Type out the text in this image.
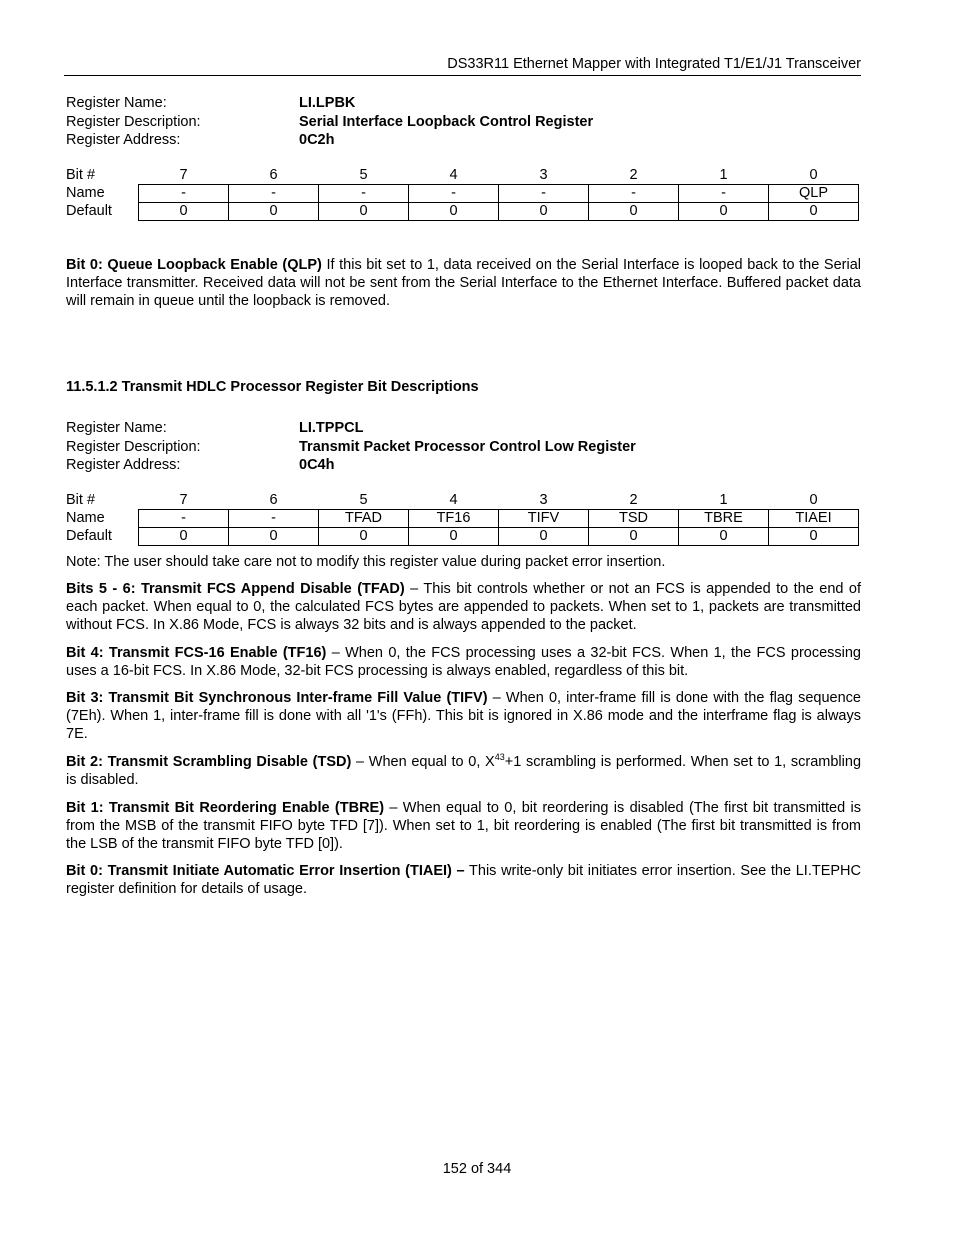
DS33R11 Ethernet Mapper with Integrated T1/E1/J1 Transceiver
Register Name:	LI.LPBK
Register Description:	Serial Interface Loopback Control Register
Register Address:	0C2h
Bit #	7	6	5	4	3	2	1	0
Name	-	-	-	-	-	-	-	QLP
Default	0	0	0	0	0	0	0	0
Bit 0: Queue Loopback Enable (QLP) If this bit set to 1, data received on the Serial Interface is looped back to the Serial Interface transmitter. Received data will not be sent from the Serial Interface to the Ethernet Interface. Buffered packet data will remain in queue until the loopback is removed.
11.5.1.2 Transmit HDLC Processor Register Bit Descriptions
Register Name:	LI.TPPCL
Register Description:	Transmit Packet Processor Control Low Register
Register Address:	0C4h
Bit #	7	6	5	4	3	2	1	0
Name	-	-	TFAD	TF16	TIFV	TSD	TBRE	TIAEI
Default	0	0	0	0	0	0	0	0
Note: The user should take care not to modify this register value during packet error insertion.
Bits 5 - 6: Transmit FCS Append Disable (TFAD) – This bit controls whether or not an FCS is appended to the end of each packet. When equal to 0, the calculated FCS bytes are appended to packets. When set to 1, packets are transmitted without FCS. In X.86 Mode, FCS is always 32 bits and is always appended to the packet.
Bit 4: Transmit FCS-16 Enable (TF16) – When 0, the FCS processing uses a 32-bit FCS. When 1, the FCS processing uses a 16-bit FCS. In X.86 Mode, 32-bit FCS processing is always enabled, regardless of this bit.
Bit 3: Transmit Bit Synchronous Inter-frame Fill Value (TIFV) – When 0, inter-frame fill is done with the flag sequence (7Eh). When 1, inter-frame fill is done with all '1's (FFh). This bit is ignored in X.86 mode and the interframe flag is always 7E.
Bit 2: Transmit Scrambling Disable (TSD) – When equal to 0, $X^{43}+1$ scrambling is performed. When set to 1, scrambling is disabled.
Bit 1: Transmit Bit Reordering Enable (TBRE) – When equal to 0, bit reordering is disabled (The first bit transmitted is from the MSB of the transmit FIFO byte TFD [7]). When set to 1, bit reordering is enabled (The first bit transmitted is from the LSB of the transmit FIFO byte TFD [0]).
Bit 0: Transmit Initiate Automatic Error Insertion (TIAEI) – This write-only bit initiates error insertion. See the LI.TEPHC register definition for details of usage.
152 of 344
